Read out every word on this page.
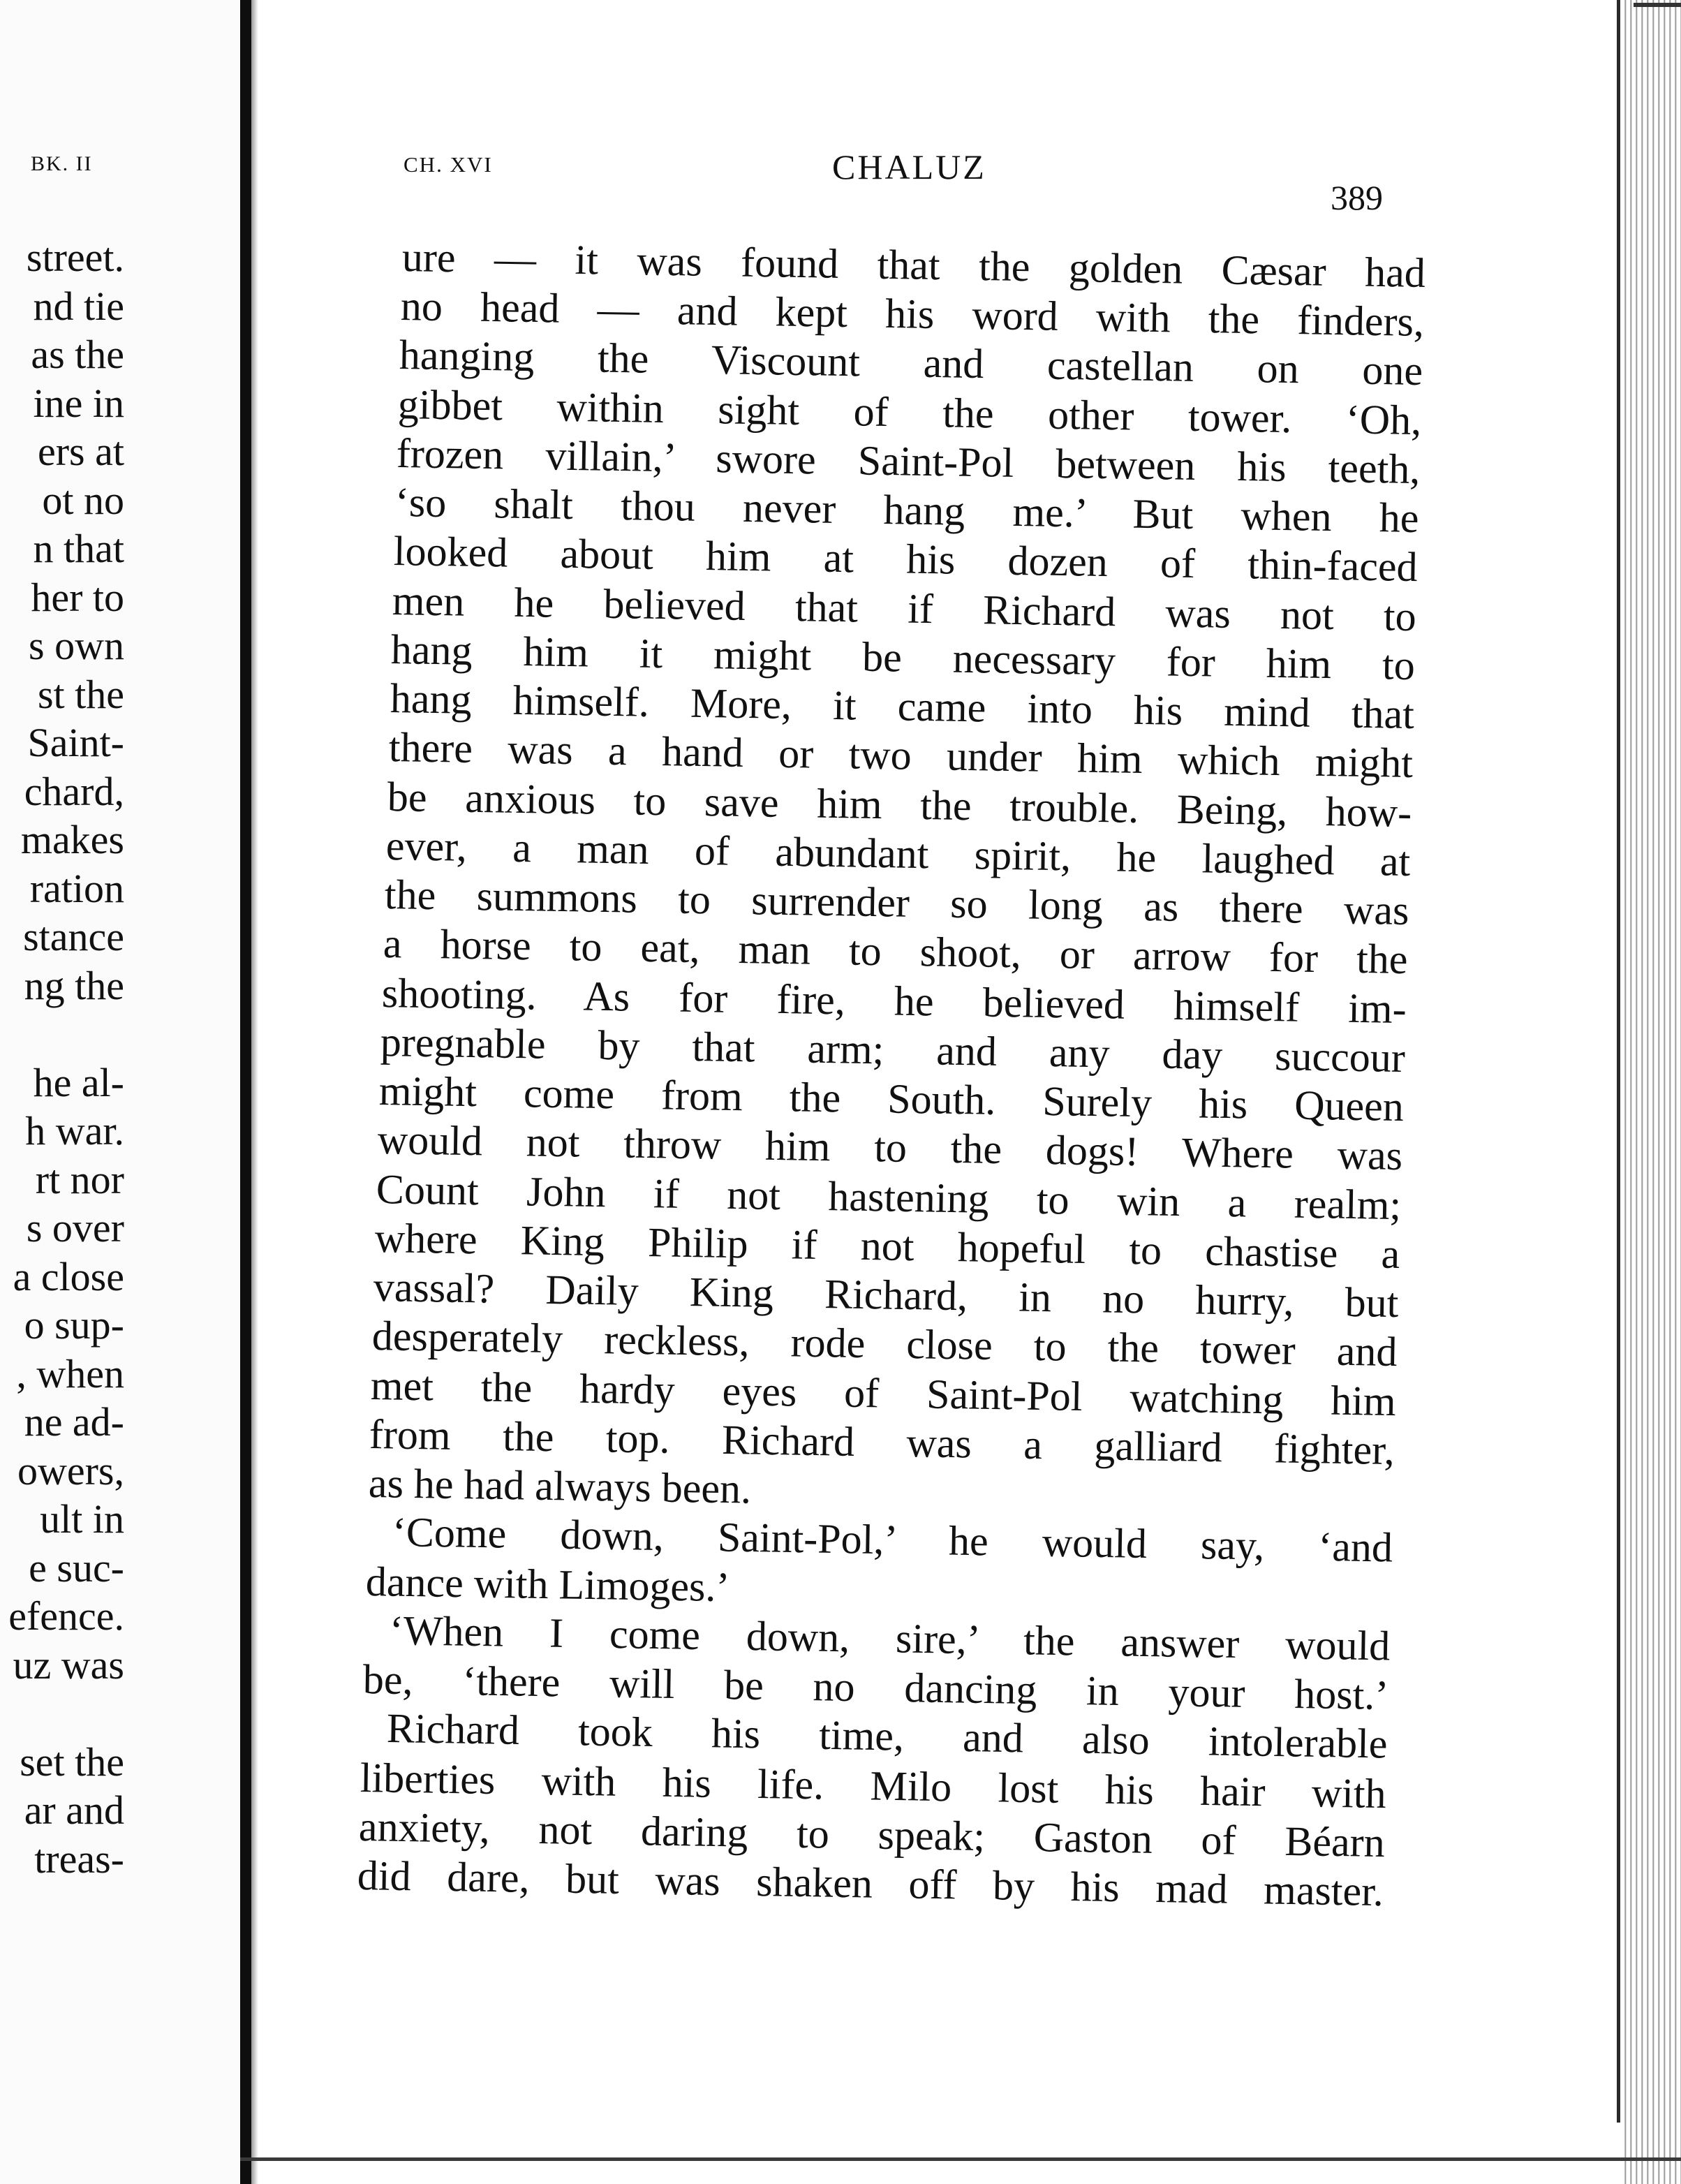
BK. II
street.
nd tie
as the
ine in
ers at
ot no
n that
her to
s own
st the
Saint-
chard,
makes
ration
stance
ng the
he al-
h war.
rt nor
s over
a close
o sup-
, when
ne ad-
owers,
ult in
e suc-
efence.
uz was
set the
ar and
treas-
CH. XVI	CHALUZ
389
ure — it was found that the golden Cæsar had
no head — and kept his word with the finders,
hanging the Viscount and castellan on one
gibbet within sight of the other tower. ‘Oh,
frozen villain,’ swore Saint-Pol between his teeth,
‘so shalt thou never hang me.’ But when he
looked about him at his dozen of thin-faced
men he believed that if Richard was not to
hang him it might be necessary for him to
hang himself. More, it came into his mind that
there was a hand or two under him which might
be anxious to save him the trouble. Being, how-
ever, a man of abundant spirit, he laughed at
the summons to surrender so long as there was
a horse to eat, man to shoot, or arrow for the
shooting. As for fire, he believed himself im-
pregnable by that arm; and any day succour
might come from the South. Surely his Queen
would not throw him to the dogs! Where was
Count John if not hastening to win a realm;
where King Philip if not hopeful to chastise a
vassal? Daily King Richard, in no hurry, but
desperately reckless, rode close to the tower and
met the hardy eyes of Saint-Pol watching him
from the top. Richard was a galliard fighter,
as he had always been.
‘Come down, Saint-Pol,’ he would say, ‘and
dance with Limoges.’
‘When I come down, sire,’ the answer would
be, ‘there will be no dancing in your host.’
Richard took his time, and also intolerable
liberties with his life. Milo lost his hair with
anxiety, not daring to speak; Gaston of Béarn
did dare, but was shaken off by his mad master.
